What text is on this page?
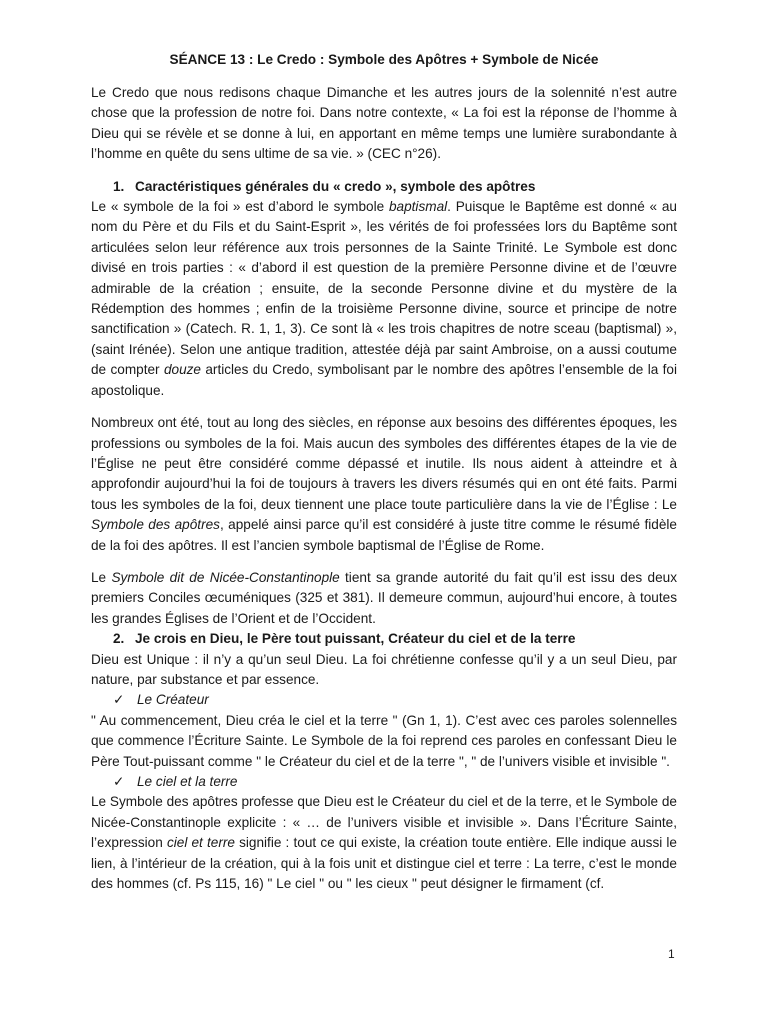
SÉANCE 13 : Le Credo : Symbole des Apôtres + Symbole de Nicée

Le Credo que nous redisons chaque Dimanche et les autres jours de la solennité n’est autre chose que la profession de notre foi. Dans notre contexte, « La foi est la réponse de l’homme à Dieu qui se révèle et se donne à lui, en apportant en même temps une lumière surabondante à l’homme en quête du sens ultime de sa vie. » (CEC n°26).

1. Caractéristiques générales du « credo », symbole des apôtres

Le « symbole de la foi » est d’abord le symbole baptismal. Puisque le Baptême est donné « au nom du Père et du Fils et du Saint-Esprit », les vérités de foi professées lors du Baptême sont articulées selon leur référence aux trois personnes de la Sainte Trinité. Le Symbole est donc divisé en trois parties : « d’abord il est question de la première Personne divine et de l’œuvre admirable de la création ; ensuite, de la seconde Personne divine et du mystère de la Rédemption des hommes ; enfin de la troisième Personne divine, source et principe de notre sanctification » (Catech. R. 1, 1, 3). Ce sont là « les trois chapitres de notre sceau (baptismal) », (saint Irénée). Selon une antique tradition, attestée déjà par saint Ambroise, on a aussi coutume de compter douze articles du Credo, symbolisant par le nombre des apôtres l’ensemble de la foi apostolique.

Nombreux ont été, tout au long des siècles, en réponse aux besoins des différentes époques, les professions ou symboles de la foi. Mais aucun des symboles des différentes étapes de la vie de l’Église ne peut être considéré comme dépassé et inutile. Ils nous aident à atteindre et à approfondir aujourd’hui la foi de toujours à travers les divers résumés qui en ont été faits. Parmi tous les symboles de la foi, deux tiennent une place toute particulière dans la vie de l’Église : Le Symbole des apôtres, appelé ainsi parce qu’il est considéré à juste titre comme le résumé fidèle de la foi des apôtres. Il est l’ancien symbole baptismal de l’Église de Rome.

Le Symbole dit de Nicée-Constantinople tient sa grande autorité du fait qu’il est issu des deux premiers Conciles œcuméniques (325 et 381). Il demeure commun, aujourd’hui encore, à toutes les grandes Églises de l’Orient et de l’Occident.

2. Je crois en Dieu, le Père tout puissant, Créateur du ciel et de la terre

Dieu est Unique : il n’y a qu’un seul Dieu. La foi chrétienne confesse qu’il y a un seul Dieu, par nature, par substance et par essence.

✓ Le Créateur

" Au commencement, Dieu créa le ciel et la terre " (Gn 1, 1). C’est avec ces paroles solennelles que commence l’Écriture Sainte. Le Symbole de la foi reprend ces paroles en confessant Dieu le Père Tout-puissant comme " le Créateur du ciel et de la terre ", " de l’univers visible et invisible ".

✓ Le ciel et la terre

Le Symbole des apôtres professe que Dieu est le Créateur du ciel et de la terre, et le Symbole de Nicée-Constantinople explicite : « … de l’univers visible et invisible ». Dans l’Écriture Sainte, l’expression ciel et terre signifie : tout ce qui existe, la création toute entière. Elle indique aussi le lien, à l’intérieur de la création, qui à la fois unit et distingue ciel et terre : La terre, c’est le monde des hommes (cf. Ps 115, 16) " Le ciel " ou " les cieux " peut désigner le firmament (cf.

1
